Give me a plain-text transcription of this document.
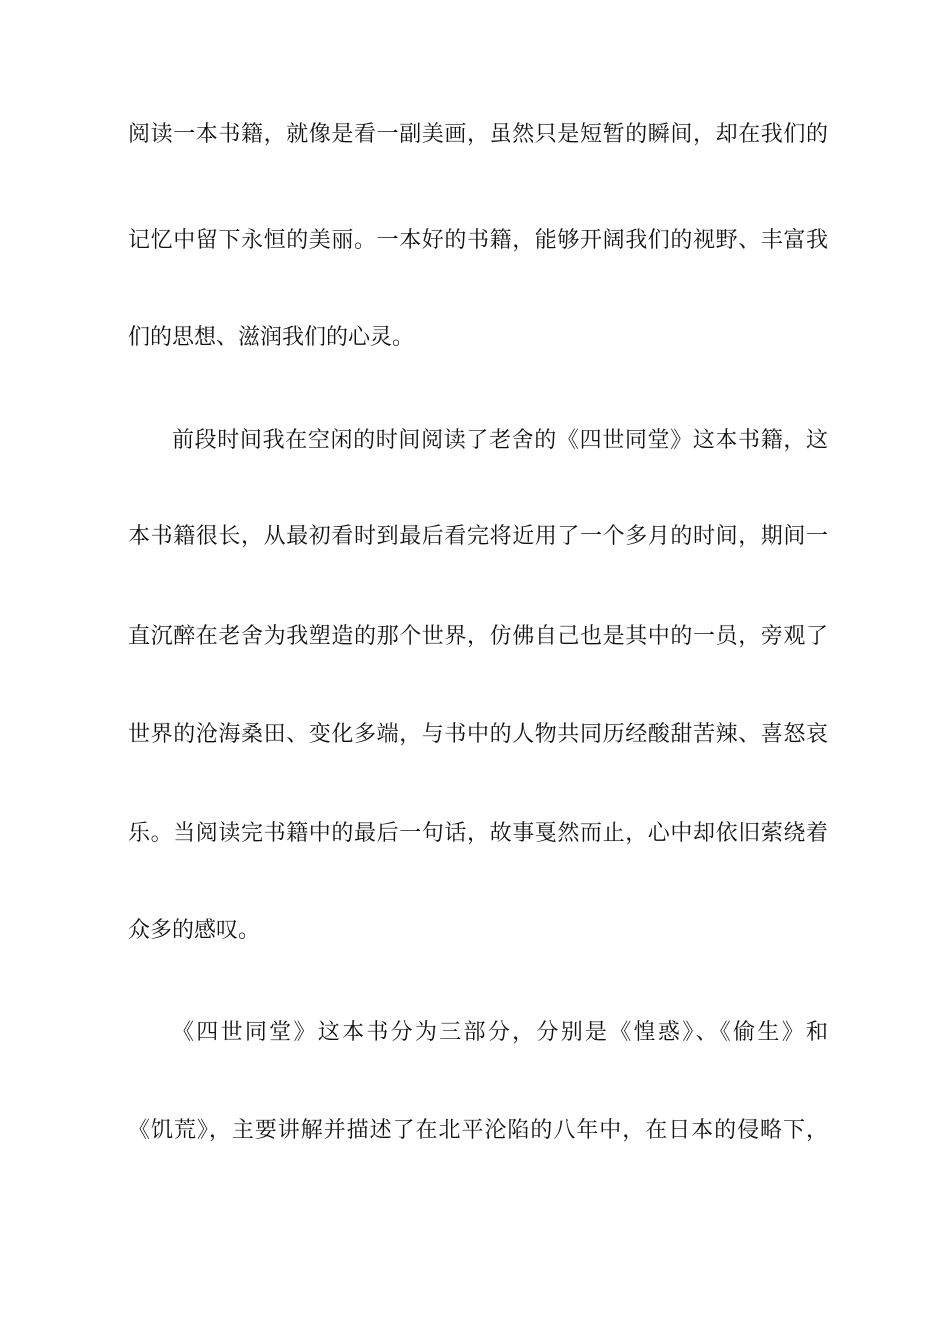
阅读一本书籍，就像是看一副美画，虽然只是短暂的瞬间，却在我们的
记忆中留下永恒的美丽。一本好的书籍，能够开阔我们的视野、丰富我
们的思想、滋润我们的心灵。
前段时间我在空闲的时间阅读了老舍的《四世同堂》这本书籍，这
本书籍很长，从最初看时到最后看完将近用了一个多月的时间，期间一
直沉醉在老舍为我塑造的那个世界，仿佛自己也是其中的一员，旁观了
世界的沧海桑田、变化多端，与书中的人物共同历经酸甜苦辣、喜怒哀
乐。当阅读完书籍中的最后一句话，故事戛然而止，心中却依旧萦绕着
众多的感叹。
《四世同堂》这本书分为三部分，分别是《惶惑》、《偷生》和
《饥荒》，主要讲解并描述了在北平沦陷的八年中，在日本的侵略下，
